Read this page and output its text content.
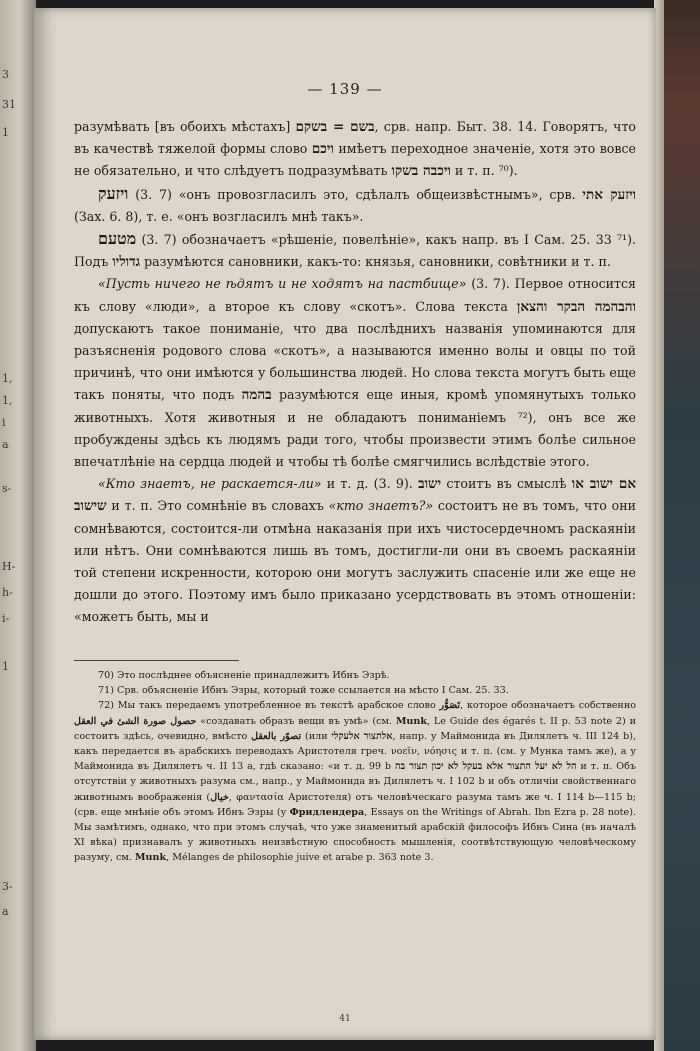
3
31
1
1,
1,
i
a
s-
H-
h-
i-
1
3-
a
— 139 —

разумѣвать [въ обоихъ мѣстахъ] בשם = בשקם, срв. напр. Быт. 38. 14. Говорятъ, что въ качествѣ тяжелой формы слово ויכם имѣетъ переходное значеніе, хотя это вовсе не обязательно, и что слѣдуетъ подразумѣвать ויכבה בשקו и т. п. ⁷⁰).

ויזעק (3. 7) «онъ провозгласилъ это, сдѣлалъ общеизвѣстнымъ», срв. ויזעק אתי (Зах. 6. 8), т. е. «онъ возгласилъ мнѣ такъ».

מטעם (3. 7) обозначаетъ «рѣшеніе, повелѣніе», какъ напр. въ I Сам. 25. 33 ⁷¹). Подъ גדוליו разумѣются сановники, какъ-то: князья, сановники, совѣтники и т. п.

«Пусть ничего не ѣдятъ и не ходятъ на пастбище» (3. 7). Первое относится къ слову «люди», а второе къ слову «скотъ». Слова текста והבהמה הבקר והצאן допускаютъ такое пониманіе, что два послѣднихъ названія упоминаются для разъясненія родового слова «скотъ», а называются именно волы и овцы по той причинѣ, что они имѣются у большинства людей. Но слова текста могутъ быть еще такъ поняты, что подъ בהמה разумѣются еще иныя, кромѣ упомянутыхъ только животныхъ. Хотя животныя и не обладаютъ пониманіемъ ⁷²), онъ все же пробуждены здѣсь къ людямъ ради того, чтобы произвести этимъ болѣе сильное впечатлѣніе на сердца людей и чтобы тѣ болѣе смягчились вслѣдствіе этого.

«Кто знаетъ, не раскается-ли» и т. д. (3. 9). ישוב стоитъ въ смыслѣ אם ישוב או שישוב и т. п. Это сомнѣніе въ словахъ «кто знаетъ?» состоитъ не въ томъ, что они сомнѣваются, состоится-ли отмѣна наказанія при ихъ чистосердечномъ раскаяніи или нѣтъ. Они сомнѣваются лишь въ томъ, достигли-ли они въ своемъ раскаяніи той степени искренности, которою они могутъ заслужить спасеніе или же еще не дошли до этого. Поэтому имъ было приказано усердствовать въ этомъ отношеніи: «можетъ быть, мы и

70) Это послѣднее объясненіе принадлежитъ Ибнъ Эзрѣ.

71) Срв. объясненіе Ибнъ Эзры, который тоже ссылается на мѣсто I Сам. 25. 33.

72) Мы такъ передаемъ употребленное въ текстѣ арабское слово تَصَوُّر, которое обозначаетъ собственно حصول صورة الشئ في العقل «создавать образъ вещи въ умѣ» (см. Munk, Le Guide des égarés t. II p. 53 note 2) и состоитъ здѣсь, очевидно, вмѣсто تصوّر بالعقل (или אלתצור אלעקלי, напр. у Маймонида въ Дилялетъ ч. III 124 b), какъ передается въ арабскихъ переводахъ Аристотеля греч. νοεῖν, νόησις и т. п. (см. у Мунка тамъ же), а у Маймонида въ Дилялетъ ч. II 13 a, гдѣ сказано: «и т. д. 99 b הל לא יעל התצור אלא בעקל לא יכון תצור בה и т. п. Объ отсутствіи у животныхъ разума см., напр., у Маймонида въ Дилялетъ ч. I 102 b и объ отличіи свойственнаго животнымъ воображенія (خيال, φαντασία Аристотеля) отъ человѣческаго разума тамъ же ч. I 114 b—115 b; (срв. еще мнѣніе объ этомъ Ибнъ Эзры (у Фридлендера, Essays on the Writings of Abrah. Ibn Ezra p. 28 note). Мы замѣтимъ, однако, что при этомъ случаѣ, что уже знаменитый арабскій философъ Ибнъ Сина (въ началѣ XI вѣка) признавалъ у животныхъ неизвѣстную способность мышленія, соотвѣтствующую человѣческому разуму, см. Munk, Mélanges de philosophie juive et arabe p. 363 note 3.

41
